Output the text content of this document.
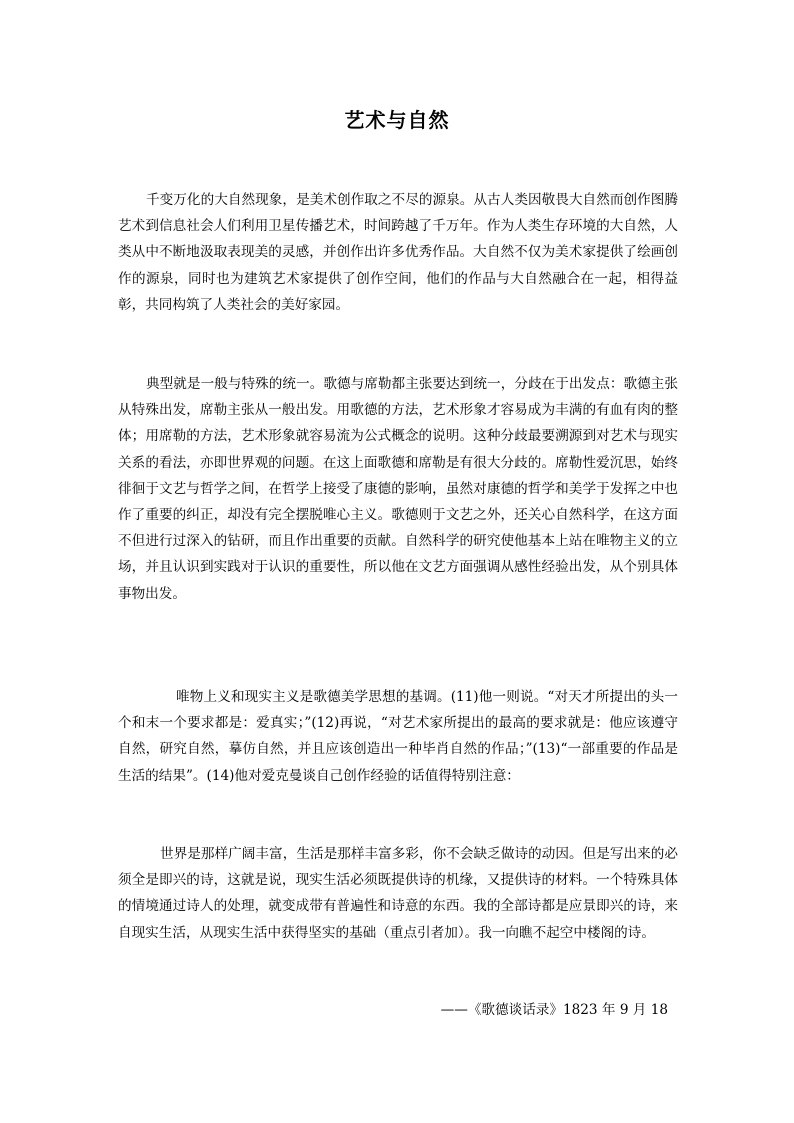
艺术与自然

千变万化的大自然现象，是美术创作取之不尽的源泉。从古人类因敬畏大自然而创作图腾艺术到信息社会人们利用卫星传播艺术，时间跨越了千万年。作为人类生存环境的大自然，人类从中不断地汲取表现美的灵感，并创作出许多优秀作品。大自然不仅为美术家提供了绘画创作的源泉，同时也为建筑艺术家提供了创作空间，他们的作品与大自然融合在一起，相得益彰，共同构筑了人类社会的美好家园。

典型就是一般与特殊的统一。歌德与席勒都主张要达到统一，分歧在于出发点：歌德主张从特殊出发，席勒主张从一般出发。用歌德的方法，艺术形象才容易成为丰满的有血有肉的整体；用席勒的方法，艺术形象就容易流为公式概念的说明。这种分歧最要溯源到对艺术与现实关系的看法，亦即世界观的问题。在这上面歌德和席勒是有很大分歧的。席勒性爱沉思，始终徘徊于文艺与哲学之间，在哲学上接受了康德的影响，虽然对康德的哲学和美学于发挥之中也作了重要的纠正，却没有完全摆脱唯心主义。歌德则于文艺之外，还关心自然科学，在这方面不但进行过深入的钻研，而且作出重要的贡献。自然科学的研究使他基本上站在唯物主义的立场，并且认识到实践对于认识的重要性，所以他在文艺方面强调从感性经验出发，从个别具体事物出发。

唯物上义和现实主义是歌德美学思想的基调。(11)他一则说。“对天才所提出的头一个和末一个要求都是：爱真实；”(12)再说，“对艺术家所提出的最高的要求就是：他应该遵守自然，研究自然，摹仿自然，并且应该创造出一种毕肖自然的作品；”(13)“一部重要的作品是生活的结果”。(14)他对爱克曼谈自己创作经验的话值得特别注意：

世界是那样广阔丰富，生活是那样丰富多彩，你不会缺乏做诗的动因。但是写出来的必须全是即兴的诗，这就是说，现实生活必须既提供诗的机缘，又提供诗的材料。一个特殊具体的情境通过诗人的处理，就变成带有普遍性和诗意的东西。我的全部诗都是应景即兴的诗，来自现实生活，从现实生活中获得坚实的基础（重点引者加）。我一向瞧不起空中楼阁的诗。

——《歌德谈话录》1823 年 9 月 18
